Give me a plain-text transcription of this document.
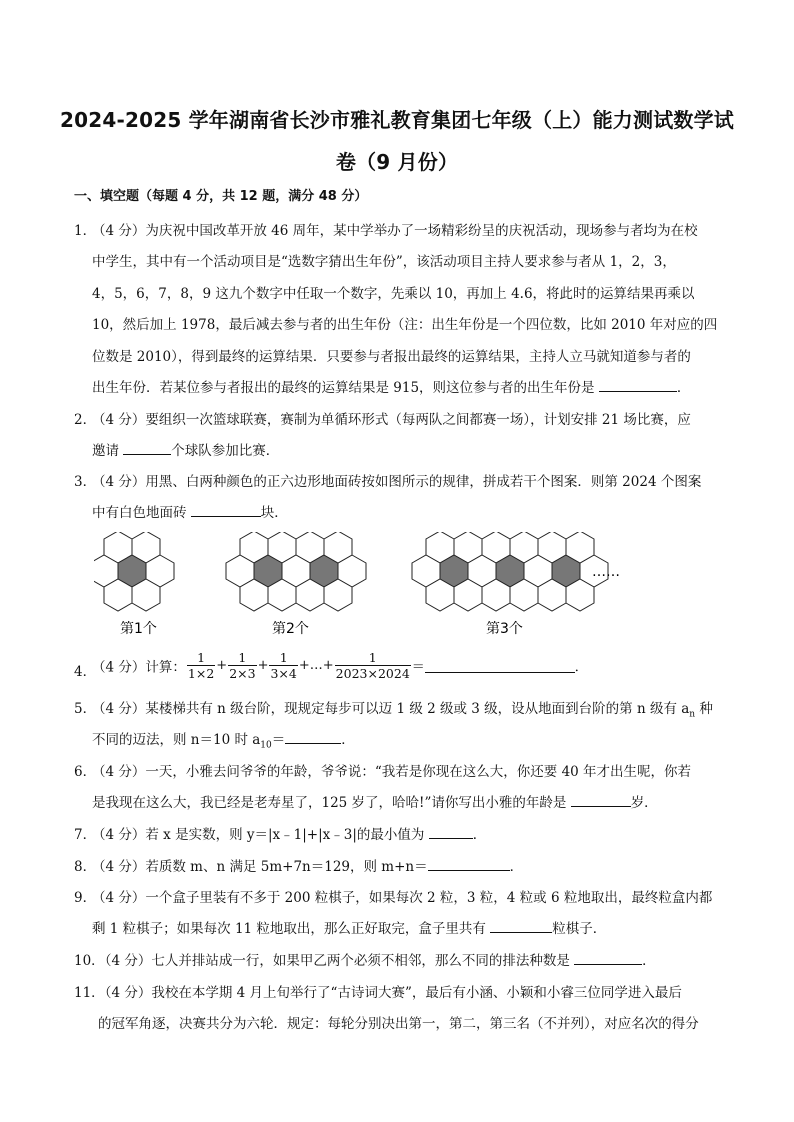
2024-2025 学年湖南省长沙市雅礼教育集团七年级（上）能力测试数学试
卷（9 月份）
一、填空题（每题 4 分，共 12 题，满分 48 分）
1．
（4 分）为庆祝中国改革开放 46 周年，某中学举办了一场精彩纷呈的庆祝活动，现场参与者均为在校
中学生，其中有一个活动项目是“选数字猜出生年份”，该活动项目主持人要求参与者从 1，2，3，
4，5，6，7，8，9 这九个数字中任取一个数字，先乘以 10，再加上 4.6，将此时的运算结果再乘以
10，然后加上 1978，最后减去参与者的出生年份（注：出生年份是一个四位数，比如 2010 年对应的四
位数是 2010），得到最终的运算结果．只要参与者报出最终的运算结果，主持人立马就知道参与者的
出生年份．若某位参与者报出的最终的运算结果是 915，则这位参与者的出生年份是	．
2．
（4 分）要组织一次篮球联赛，赛制为单循环形式（每两队之间都赛一场），计划安排 21 场比赛，应
邀请	个球队参加比赛．
3．
（4 分）用黑、白两种颜色的正六边形地面砖按如图所示的规律，拼成若干个图案．则第 2024 个图案
中有白色地面砖	块．
第1个	第2个	第3个
……
4．
（4 分）计算： $\frac{1}{1\times 2} + \frac{1}{2\times 3} + \frac{1}{3\times 4}$ +…+ $\frac{1}{2023\times 2024}$ ＝	．
5．
（4 分）某楼梯共有 n 级台阶，现规定每步可以迈 1 级 2 级或 3 级，设从地面到台阶的第 n 级有 $a_n$ 种
不同的迈法，则 n＝10 时 $a_{10}=$	．
6．
（4 分）一天，小雅去问爷爷的年龄，爷爷说：“我若是你现在这么大，你还要 40 年才出生呢，你若
是我现在这么大，我已经是老寿星了，125 岁了，哈哈!”请你写出小雅的年龄是	岁．
7．
（4 分）若 x 是实数，则 y＝|x﹣1|+|x﹣3|的最小值为	．
8．
（4 分）若质数 m、n 满足 5m+7n＝129，则 m+n＝	．
9．
（4 分）一个盒子里装有不多于 200 粒棋子，如果每次 2 粒，3 粒，4 粒或 6 粒地取出，最终粒盒内都
剩 1 粒棋子；如果每次 11 粒地取出，那么正好取完，盒子里共有	粒棋子．
10．
（4 分）七人并排站成一行，如果甲乙两个必须不相邻，那么不同的排法种数是	．
11．
（4 分）我校在本学期 4 月上旬举行了“古诗词大赛”，最后有小涵、小颖和小睿三位同学进入最后
的冠军角逐，决赛共分为六轮．规定：每轮分别决出第一，第二，第三名（不并列），对应名次的得分
